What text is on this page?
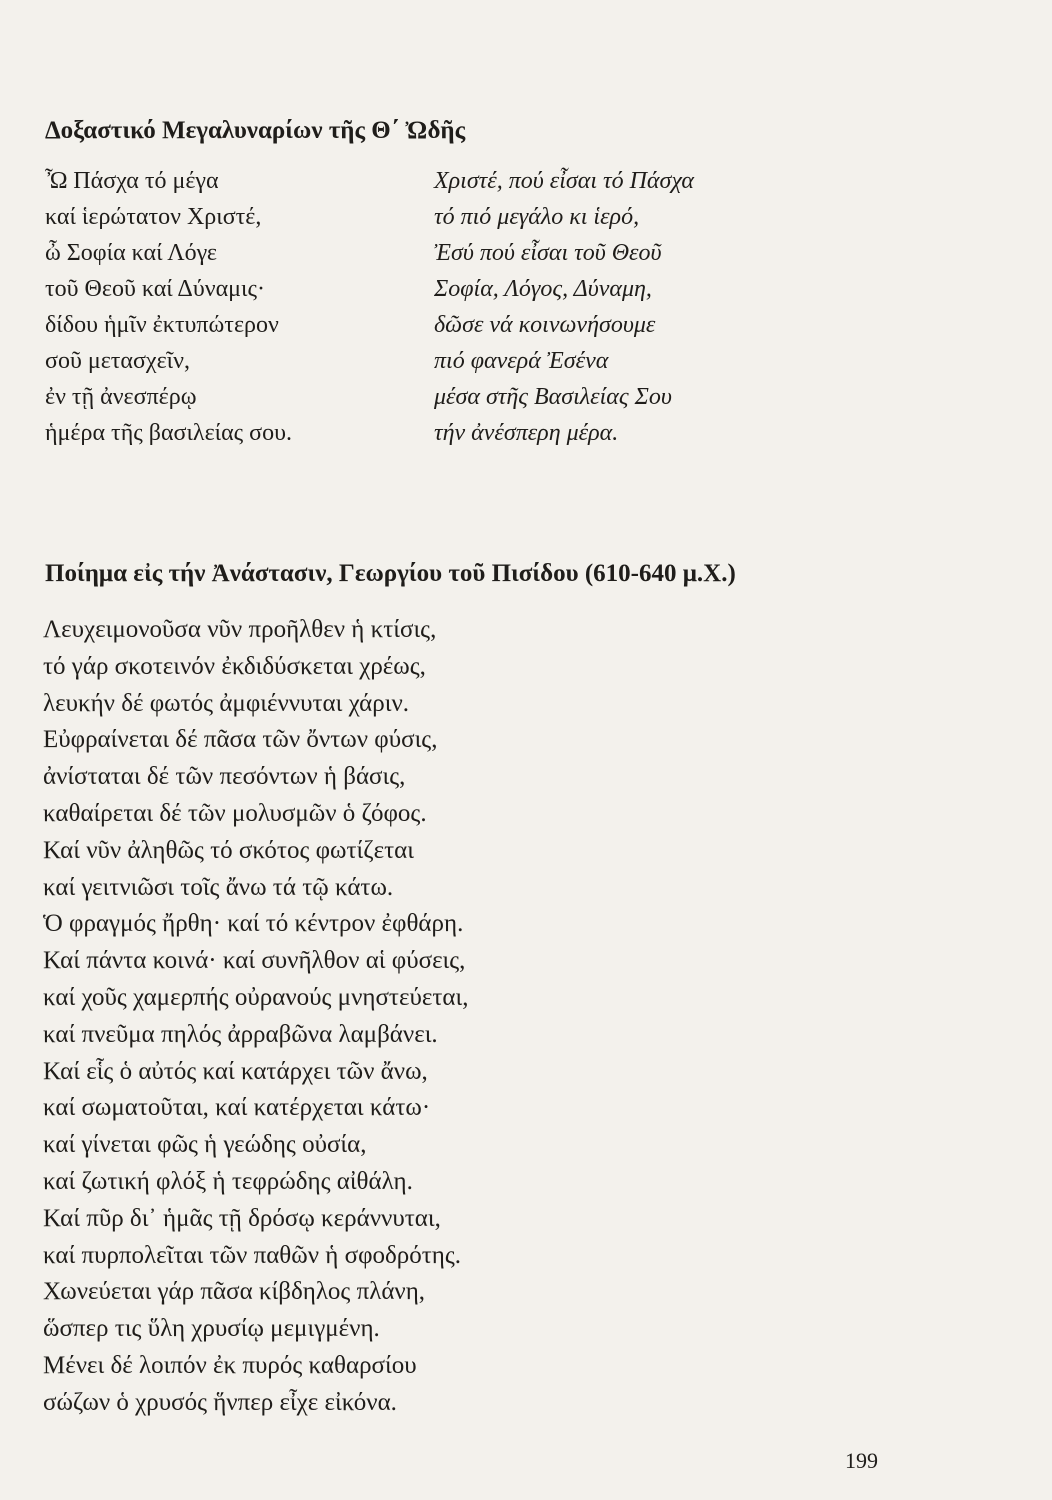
Δοξαστικό Μεγαλυναρίων τῆς Θ΄ Ὠδῆς
Ὦ Πάσχα τό μέγα
καί ἱερώτατον Χριστέ,
ὦ Σοφία καί Λόγε
τοῦ Θεοῦ καί Δύναμις·
δίδου ἡμῖν ἐκτυπώτερον
σοῦ μετασχεῖν,
ἐν τῇ ἀνεσπέρῳ
ἡμέρα τῆς βασιλείας σου.
Χριστέ, πού εἶσαι τό Πάσχα
τό πιό μεγάλο κι ἱερό,
Ἐσύ πού εἶσαι τοῦ Θεοῦ
Σοφία, Λόγος, Δύναμη,
δῶσε νά κοινωνήσουμε
πιό φανερά Ἐσένα
μέσα στῆς Βασιλείας Σου
τήν ἀνέσπερη μέρα.
Ποίημα εἰς τήν Ἀνάστασιν, Γεωργίου τοῦ Πισίδου (610-640 μ.Χ.)
Λευχειμονοῦσα νῦν προῆλθεν ἡ κτίσις,
τό γάρ σκοτεινόν ἐκδιδύσκεται χρέως,
λευκήν δέ φωτός ἀμφιέννυται χάριν.
Εὐφραίνεται δέ πᾶσα τῶν ὄντων φύσις,
ἀνίσταται δέ τῶν πεσόντων ἡ βάσις,
καθαίρεται δέ τῶν μολυσμῶν ὁ ζόφος.
Καί νῦν ἀληθῶς τό σκότος φωτίζεται
καί γειτνιῶσι τοῖς ἄνω τά τῷ κάτω.
Ὁ φραγμός ἤρθη· καί τό κέντρον ἐφθάρη.
Καί πάντα κοινά· καί συνῆλθον αἱ φύσεις,
καί χοῦς χαμερπής οὐρανούς μνηστεύεται,
καί πνεῦμα πηλός ἀρραβῶνα λαμβάνει.
Καί εἷς ὁ αὐτός καί κατάρχει τῶν ἄνω,
καί σωματοῦται, καί κατέρχεται κάτω·
καί γίνεται φῶς ἡ γεώδης οὐσία,
καί ζωτική φλόξ ἡ τεφρώδης αἰθάλη.
Καί πῦρ δι᾽ ἡμᾶς τῇ δρόσῳ κεράννυται,
καί πυρπολεῖται τῶν παθῶν ἡ σφοδρότης.
Χωνεύεται γάρ πᾶσα κίβδηλος πλάνη,
ὥσπερ τις ὕλη χρυσίῳ μεμιγμένη.
Μένει δέ λοιπόν ἐκ πυρός καθαρσίου
σώζων ὁ χρυσός ἥνπερ εἶχε εἰκόνα.
199
